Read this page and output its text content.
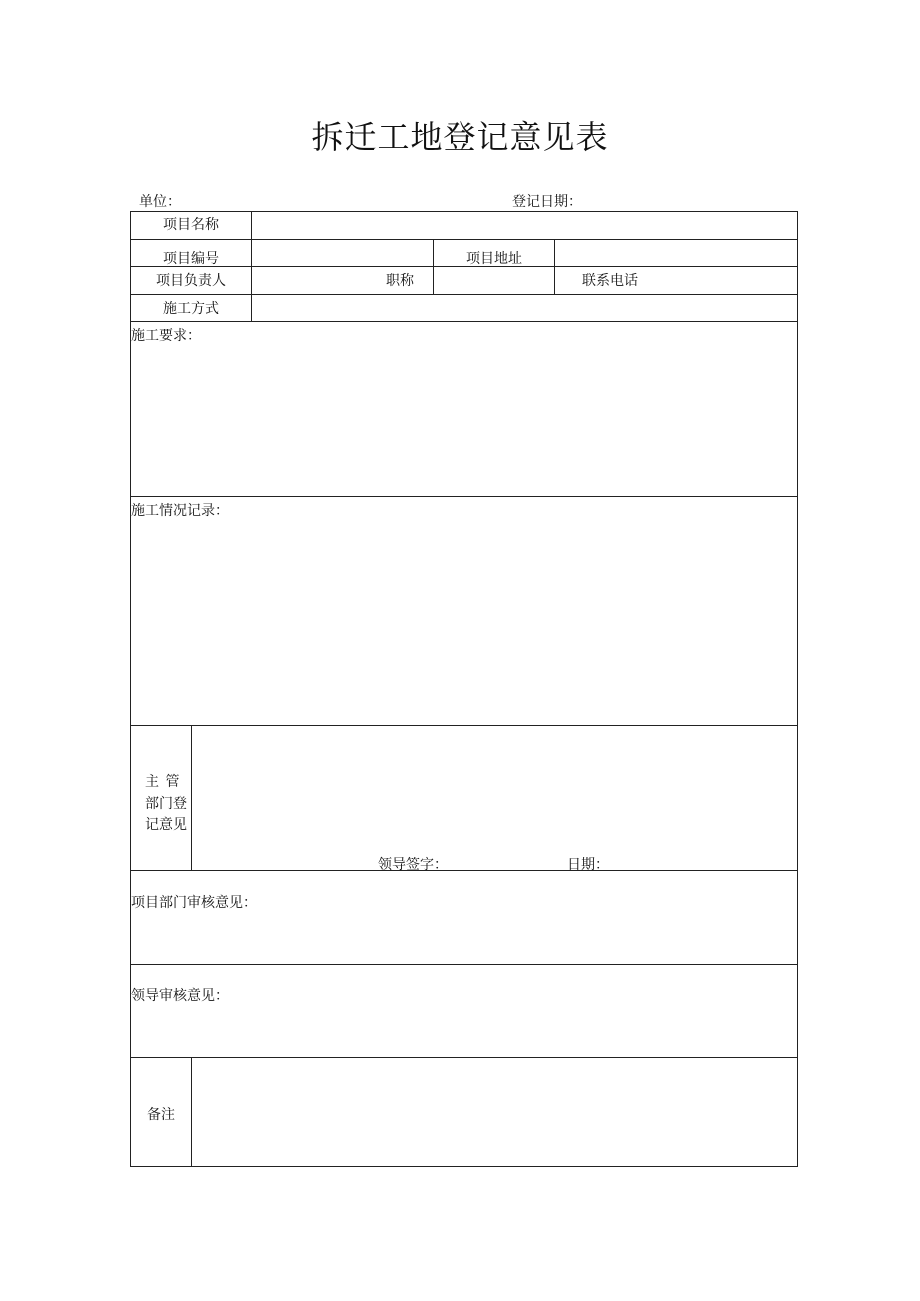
拆迁工地登记意见表
单位：	登记日期：
项目名称
项目编号	项目地址
项目负责人	职称	联系电话
施工方式
施工要求：
施工情况记录：
主 管
部门登
记意见
领导签字：	日期：
项目部门审核意见：
领导审核意见：
备注
